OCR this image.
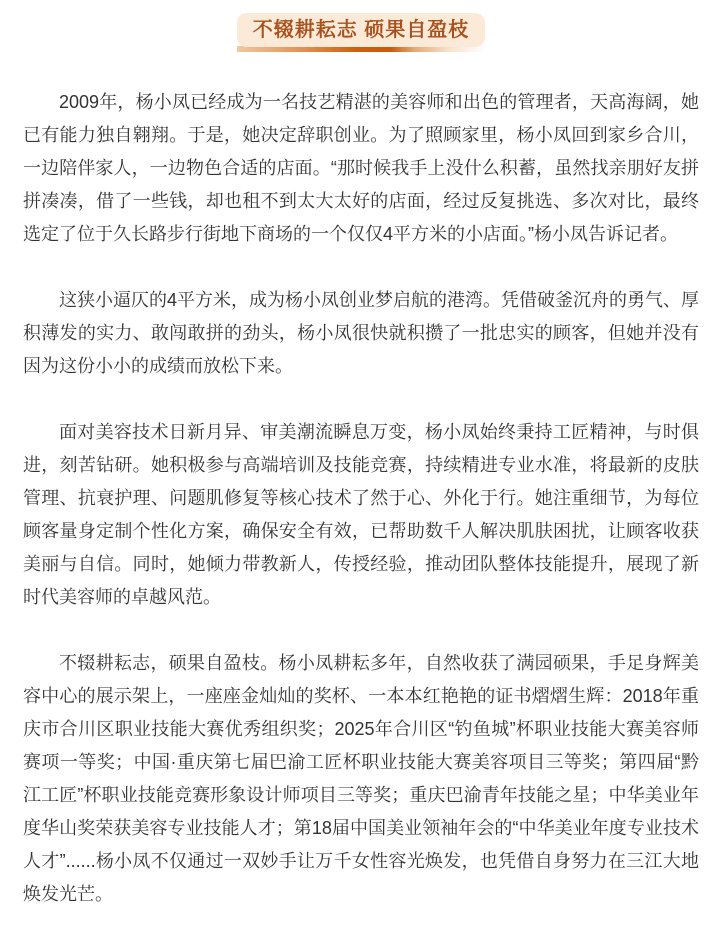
不辍耕耘志 硕果自盈枝

2009年，杨小凤已经成为一名技艺精湛的美容师和出色的管理者，天高海阔，她已有能力独自翱翔。于是，她决定辞职创业。为了照顾家里，杨小凤回到家乡合川，一边陪伴家人，一边物色合适的店面。“那时候我手上没什么积蓄，虽然找亲朋好友拼拼凑凑，借了一些钱，却也租不到太大太好的店面，经过反复挑选、多次对比，最终选定了位于久长路步行街地下商场的一个仅仅4平方米的小店面。”杨小凤告诉记者。

这狭小逼仄的4平方米，成为杨小凤创业梦启航的港湾。凭借破釜沉舟的勇气、厚积薄发的实力、敢闯敢拼的劲头，杨小凤很快就积攒了一批忠实的顾客，但她并没有因为这份小小的成绩而放松下来。

面对美容技术日新月异、审美潮流瞬息万变，杨小凤始终秉持工匠精神，与时俱进，刻苦钻研。她积极参与高端培训及技能竞赛，持续精进专业水准，将最新的皮肤管理、抗衰护理、问题肌修复等核心技术了然于心、外化于行。她注重细节，为每位顾客量身定制个性化方案，确保安全有效，已帮助数千人解决肌肤困扰，让顾客收获美丽与自信。同时，她倾力带教新人，传授经验，推动团队整体技能提升，展现了新时代美容师的卓越风范。

不辍耕耘志，硕果自盈枝。杨小凤耕耘多年，自然收获了满园硕果，手足身辉美容中心的展示架上，一座座金灿灿的奖杯、一本本红艳艳的证书熠熠生辉：2018年重庆市合川区职业技能大赛优秀组织奖；2025年合川区“钓鱼城”杯职业技能大赛美容师赛项一等奖；中国·重庆第七届巴渝工匠杯职业技能大赛美容项目三等奖；第四届“黔江工匠”杯职业技能竞赛形象设计师项目三等奖；重庆巴渝青年技能之星；中华美业年度华山奖荣获美容专业技能人才；第18届中国美业领袖年会的“中华美业年度专业技术人才”......杨小凤不仅通过一双妙手让万千女性容光焕发，也凭借自身努力在三江大地焕发光芒。
